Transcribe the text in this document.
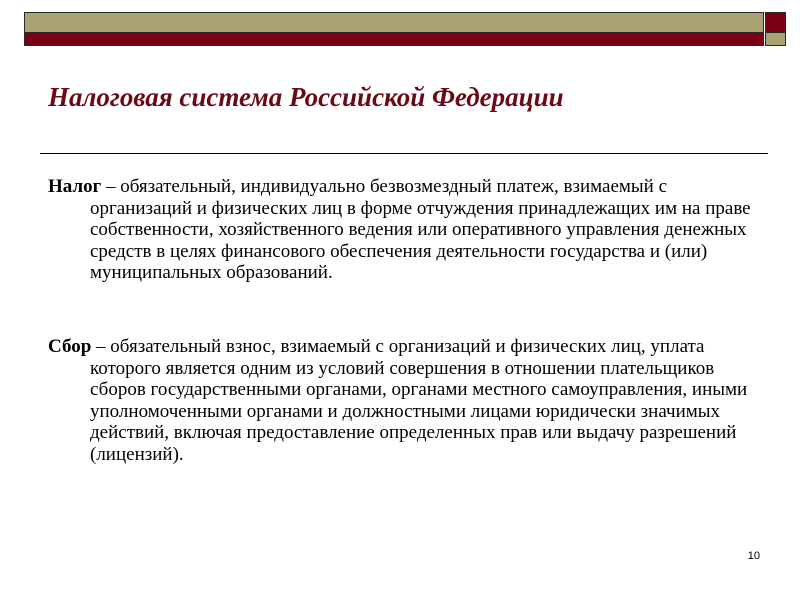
Налоговая система Российской Федерации

Налог – обязательный, индивидуально безвозмездный платеж, взимаемый с организаций и физических лиц в форме отчуждения принадлежащих им на праве собственности, хозяйственного ведения или оперативного управления денежных средств в целях финансового обеспечения деятельности государства и (или) муниципальных образований.

Сбор – обязательный взнос, взимаемый с организаций и физических лиц, уплата которого является одним из условий совершения в отношении плательщиков сборов государственными органами, органами местного самоуправления, иными уполномоченными органами и должностными лицами юридически значимых действий, включая предоставление определенных прав или выдачу разрешений (лицензий).

10
